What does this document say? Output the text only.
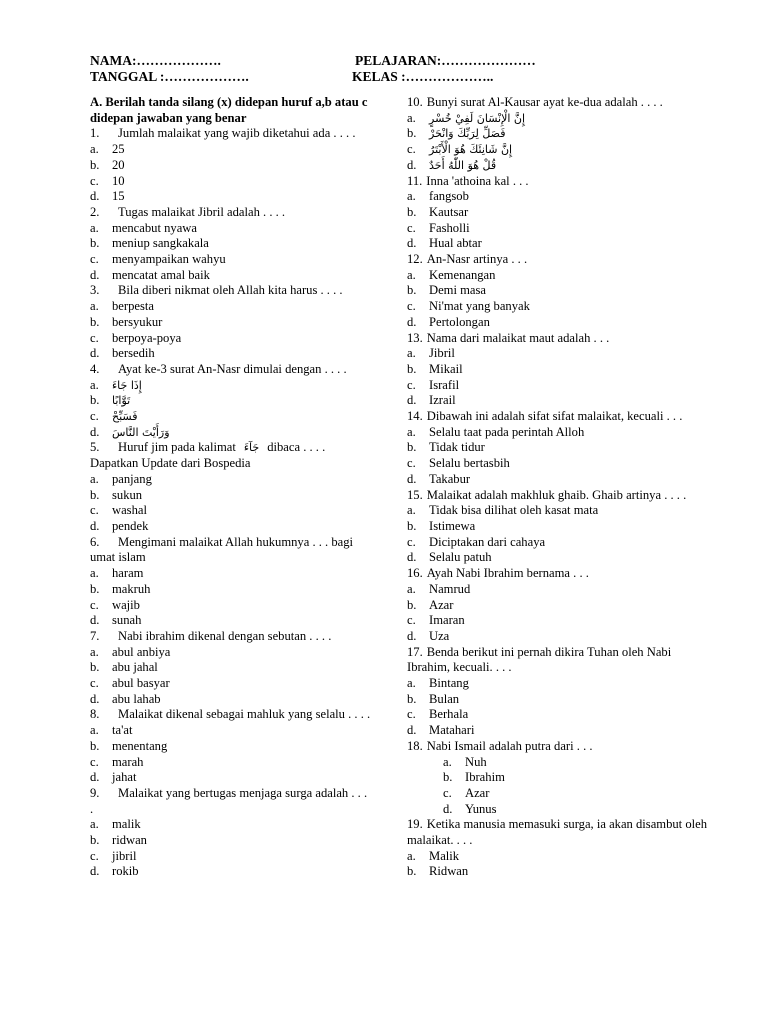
NAMA:……………….	PELAJARAN:…………………
TANGGAL :……………….	KELAS :………………..
A. Berilah tanda silang (x) didepan huruf a,b atau c didepan jawaban yang benar
1. Jumlah malaikat yang wajib diketahui ada . . . .
a. 25
b. 20
c. 10
d. 15
2. Tugas malaikat Jibril adalah . . . .
a. mencabut nyawa
b. meniup sangkakala
c. menyampaikan wahyu
d. mencatat amal baik
3. Bila diberi nikmat oleh Allah kita harus . . . .
a. berpesta
b. bersyukur
c. berpoya-poya
d. bersedih
4. Ayat ke-3 surat An-Nasr dimulai dengan . . . .
a. إِذَا جَاءَ
b. تَوَّابًا
c. فَسَبِّحْ
d. وَرَأَيْتَ النَّاسَ
5. Huruf jim pada kalimat جَآءَ dibaca . . . . Dapatkan Update dari Bospedia
a. panjang
b. sukun
c. washal
d. pendek
6. Mengimani malaikat Allah hukumnya . . . bagi umat islam
a. haram
b. makruh
c. wajib
d. sunah
7. Nabi ibrahim dikenal dengan sebutan . . . .
a. abul anbiya
b. abu jahal
c. abul basyar
d. abu lahab
8. Malaikat dikenal sebagai mahluk yang selalu . . . .
a. ta'at
b. menentang
c. marah
d. jahat
9. Malaikat yang bertugas menjaga surga adalah . . . .
a. malik
b. ridwan
c. jibril
d. rokib
10. Bunyi surat Al-Kausar ayat ke-dua adalah . . . .
a. إِنَّ الْإِنْسَانَ لَفِيْ خُسْرٍ
b. فَصَلِّ لِرَبِّكَ وَانْحَرْ
c. إِنَّ شَانِئَكَ هُوَ الْأَبْتَرُ
d. قُلْ هُوَ اللّٰهُ أَحَدٌ
11. Inna 'athoina kal . . .
a. fangsob
b. Kautsar
c. Fasholli
d. Hual abtar
12. An-Nasr artinya . . .
a. Kemenangan
b. Demi masa
c. Ni'mat yang banyak
d. Pertolongan
13. Nama dari malaikat maut adalah . . .
a. Jibril
b. Mikail
c. Israfil
d. Izrail
14. Dibawah ini adalah sifat sifat malaikat, kecuali . . .
a. Selalu taat pada perintah Alloh
b. Tidak tidur
c. Selalu bertasbih
d. Takabur
15. Malaikat adalah makhluk ghaib. Ghaib artinya . . . .
a. Tidak bisa dilihat oleh kasat mata
b. Istimewa
c. Diciptakan dari cahaya
d. Selalu patuh
16. Ayah Nabi Ibrahim bernama . . .
a. Namrud
b. Azar
c. Imaran
d. Uza
17. Benda berikut ini pernah dikira Tuhan oleh Nabi Ibrahim, kecuali. . . .
a. Bintang
b. Bulan
c. Berhala
d. Matahari
18. Nabi Ismail adalah putra dari . . .
a. Nuh
b. Ibrahim
c. Azar
d. Yunus
19. Ketika manusia memasuki surga, ia akan disambut oleh malaikat. . . .
a. Malik
b. Ridwan
